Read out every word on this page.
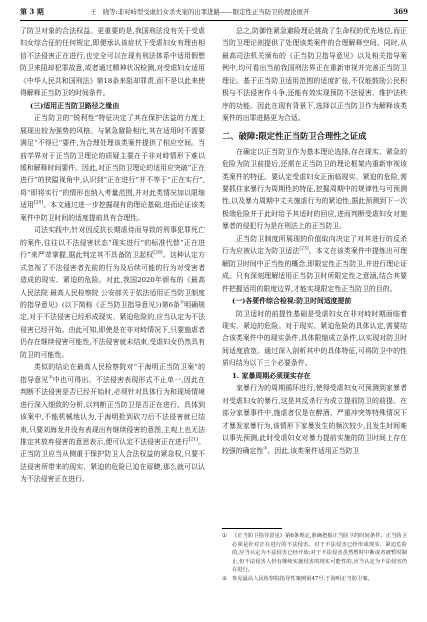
第 3 期	王　晓等:非对峙型受虐妇女杀夫案的出罪进路——限定性正当防卫的理论展开	369

了防卫对象的合法权益。更重要的是,我国刑法没有关于受虐妇女综合征的任何规定,即便承认该症状下受虐妇女有理由相信不法侵害正在进行,也完全可以在现有刑法体系中适用假想防卫来阻却犯罪故意,或者通过精神状况检测,对受虐妇女适用《中华人民共和国刑法》第18条来阻却罪责,而不是以此来使得解释正当防卫的时间条件。

(三)适用正当防卫路径之缘由

正当防卫的“锐利性”特征决定了其在保护法益的力度上展现出较为强势的风格。与紧急避险相比,其在适用时不需要满足“不得已”要件,为合理处理该类案件提供了相应空间。当前学界对于正当防卫理论的质疑主要在于非对峙情形下难以缓和解释时间要件。因此,对正当防卫理论的适用应突破“正在进行”的狭隘视角中,认识到“正在进行”并不等于“正在实行”,将“即将实行”的情形也纳入考量范围,并对此类情况加以限缩适用[20]。本文通过进一步挖掘现有的理论基础,进而论证该类案件中防卫时间的适度提前具有合理性。

司法实践中,针对因反抗长期虐待而导致的刑事犯罪死亡的案件,往往以不法侵害状态“现实进行”的标准代替“正在进行”来严苛掌握,据此判定其不具备防卫起权[26]。这种认定方式忽视了不法侵害者先前的行为及后续可能的行为对受害者造成的现实、紧迫的危险。对此,我国2020年颁布的《最高人民法院 最高人民检察院 公安部关于依法适用正当防卫制度的指导意见》(以下简称《正当防卫指导意见》)第6条①明确规定,对于不法侵害已经形成现实、紧迫危险的,应当认定为不法侵害已经开始。由此可知,即使是在非对峙情况下,只要施虐者仍存在继续侵害可能性,不法侵害就未结束,受虐妇女仍然具有防卫的可能性。

类似的结论在最高人民检察院对“于海明正当防卫案”的指导意见②中也可得出。不法侵害表现形式不止单一,因此在判断不法侵害是否已经开始时,必须针对具体行为和现场情境进行深入细致的分析,以判断正当防卫是否正在进行。具体到该案中,不能机械地认为,于海明抢到砍刀后不法侵害就已结束,只要刘海龙并没有表现出有继续侵害的意图,主观上也无法推定其放弃侵害的意思表示,便可认定不法侵害正在进行[21]。正当防卫应当从侧重于保护防卫人合法权益的紧急权,只要不法侵害所带来的现实、紧迫的危险已迫在眉睫,那么就可以认为不法侵害正在进行。

总之,防御性紧急避险理论挑战了生命权的优先地位,而正当防卫理论则提供了处理该类案件的合理解释空间。同时,从最高司法机关颁布的《正当防卫指导意见》以及相关指导案例中,均可看出当前我国刑法界正在重新审视并完善正当防卫理论。基于正当防卫适用范围的适度扩张,不仅能鼓励公民积极与不法侵害作斗争,还能有效实现预防不法侵害、维护法秩序的功能。因此在现有背景下,选择以正当防卫作为解释该类案件的出罪进路更为合适。

二、破障:限定性正当防卫合理性之证成

在确定以正当防卫作为基本理论选择,存在现实、紧急的危险为防卫前提后,还需在正当防卫的理论框架内重新审视该类案件的特征。要认定受虐妇女正面临现实、紧迫的危险,需要抓住家暴行为周期性的特征,挖掘周期中的规律性与可预测性,以及暴力周期中丈夫施虐行为的紧迫性,据此预测到下一次极端危险并于此时给予其适时的回应,进而判断受虐妇女对施暴者的侵犯行为是在刑法上的正当防卫。

正当防卫制度所展现的价值取向决定了对其进行的反杀行为应被认定为防卫适法[23]。本文在该类案件中提炼出可理解防卫时间中正当性的概念,即限定性正当防卫,并进行理论证成。只有深刻理解适用正当防卫时所限定性之意涵,结合其要件把握适用的限度边界,才能实现限定性正当防卫的目的。

(一)各要件综合检视:防卫时间适度提前

防卫适时的前提性基础是受虐妇女在非对峙时期面临着现实、紧迫的危险。对于现实、紧迫危险的具体认定,需要结合该类案件中的现实条件,具体限缩成立条件,以实现对防卫时间适度放宽。通过深入剖析其中的具体特征,可将防卫中的性质归结为以下三个必要条件。

1. 家暴周期必须现实存在

家暴行为的周期循环进行,使得受虐妇女可预测到家暴者对受虐妇女的暴行,这是其反杀行为成立提前防卫的前提。在部分家暴事件中,施虐者仅是在醉酒、严重冲突等特殊情况下才暴发家暴行为,该情形下家暴发生的频次较少,且发生时间难以事先预测,此时受虐妇女对暴力提前实施的防卫时间上存在较强的确定性①。因此,该类案件适用正当防卫

① 《正当防卫指导意见》第6条规定,准确把握正当防卫的时间条件。正当防卫必须是针对正在进行的不法侵害。对于不法侵害已经形成现实、紧迫危险的,应当认定为不法侵害已经开始;对于不法侵害虽然暂时中断或者被暂时制止,但不法侵害人仍有继续实施侵害的现实可能性的,应当认定为不法侵害仍在进行。

② 参见最高人民检察院指导性案例第47号:于海明正当防卫案。
